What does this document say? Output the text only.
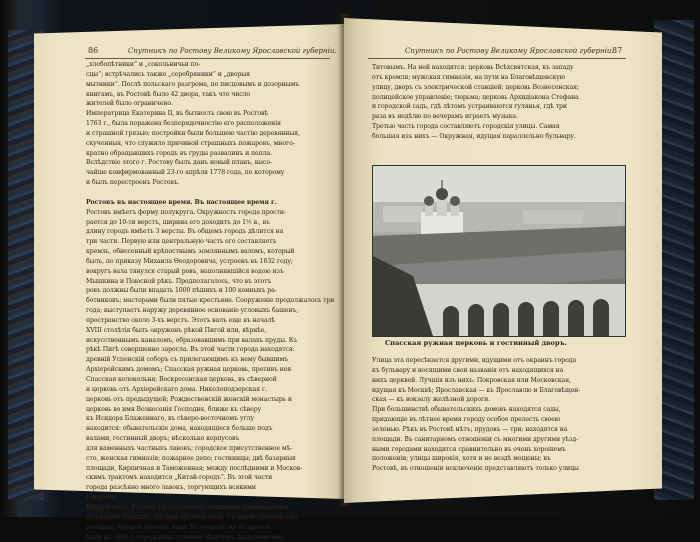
86	Спутникъ по Ростову Великому Ярославской губерніи.
„хлебопѣтники“ и „сокольничьи по-
сцы“; встрѣчались также „серебряники“ и „дворыя
мытники“. Послѣ польскаго разгрома, по писцовымъ и дозорнымъ
книгамъ, въ Ростовѣ было 42 двора, такъ что число
жителей было ограничено.
Императрица Екатерина II, въ бытность свою въ Ростовѣ
1763 г., была поражена безпорядочностію его расположенія
и страшной грязью; постройки были большею частію деревянныя,
скученныя, что служило причиной страшныхъ пожаровъ, много-
кратно обращавшихъ городъ въ груды развалинъ и пепла.
Вслѣдствіе этого г. Ростову былъ данъ новый планъ, высо-
чайше конфирмованный 23-го апрѣля 1778 года, по которому
и былъ перестроенъ Ростовъ.
Ростовъ въ настоящее время. Въ настоящее время г.
Ростовъ имѣетъ форму полукруга. Окружность города прости-
рается до 10-ти верстъ, ширина его доходитъ до 1½ в., въ
длину городъ имѣетъ 3 версты. Въ общемъ городъ дѣлится на
три части. Первую или центральную часть его составляетъ
кремль, обнесенный крѣпостнымъ земляннымъ валомъ, который
былъ, по приказу Михаила Ѳеодоровича, устроенъ въ 1632 году;
вокругъ вала тянулся старый ровъ, наполнявшійся водою изъ
Мышкина и Поюсной рѣкъ. Предполагалось, что въ этотъ
ровъ должны были впадать 1000 пѣшихъ и 100 конныхъ ра-
ботниковъ; мастерами были пятые крестьяне. Сооруженіе продолжалось три
года; выступаетъ наружу деревянное основаніе угловыхъ башенъ,
пространство около 3-хъ верстъ. Этотъ валъ еще въ началѣ
XVIII столѣтія былъ окруженъ рѣкой Пигой или, вѣрнѣе,
искусственнымъ каналомъ, образовавшимъ при валахъ пруды. Къ
рѣкѣ Пигѣ совершенно заросла. Въ этой части города находятся:
древній Успенскій соборъ съ прилегающимъ къ нему бывшимъ
Архіерейскимъ домомъ; Спасская ружная церковь, противъ нея
Спасская колокольня; Воскресенская церковь, въ сѣверной
и церковь отъ Архіерейскаго дома. Николоподзерская г.
церковь отъ предыдущей; Рождественскій женскій монастырь и
церковь во имя Вознесенія Господня, ближе къ сѣверу
къ Исидора Блаженнаго, въ сѣверо-восточномъ углу
находится: обывательскіе дома, находящіеся больше подъ
валами, гостинный дворъ; нѣсколько корпусовъ
для каменныхъ частныхъ лавокъ; городское присутственное мѣ-
сто, женская гимназія; пожарное депо; гостиницы; двѣ базарныя
площади, Кирпичная и Таможенная; между послѣдними и Москов-
скимъ трактомъ находится „Китай-городъ“. Въ этой части
города разсѣяно много лавокъ, торгующихъ всякими
товарами.
Вторую часть Ростова представляетъ обширная примыкающая
къ кремлю площадь, идущая кругомъ вала. Съ одной стороны она
площадь, идущая кругомъ вала. Въ сторонѣ же къ другой
было въ 1860 г. городскимъ головою Ипатіемъ Андреевичемъ
Спутникъ по Ростову Великому Ярославской губерніи.
87
Титовымъ. На ней находятся: церковь Всѣхсвятская, къ западу
отъ кремля; мужская гимназія, на пути на Благовѣщенскую
улицу, дворъ съ электрической станціей; церковь Вознесенская;
полицейское управленіе; тюрьма; церковь Архидіакона Стефана
и городской садъ, гдѣ лѣтомъ устраиваются гулянья, гдѣ три
раза въ недѣлю по вечерамъ играетъ музыка.
Третью часть города составляютъ городскія улицы. Самая
большая изъ нихъ — Окружная, идущая параллельно бульвару.
Спасская ружная церковь и гостинный дворъ.
Улица эта пересѣкается другими, идущими отъ окраинъ города
къ бульвару и носящими свои названія отъ находящихся на
нихъ церквей. Лучшія изъ нихъ: Покровская или Московская,
идущая къ Москвѣ; Ярославская — къ Ярославлю и Благовѣщен-
ская — къ вокзалу желѣзной дороги.
При большинствѣ обывательскихъ домовъ находятся сады,
придающіе въ лѣтнее время городу особое прелесть своею
зеленью. Рѣкъ въ Ростовѣ нѣтъ; прудовъ — три; находятся на
площади. Въ санитарномъ отношеніи съ многими другими уѣзд-
ными городами находится сравнительно въ очень хорошемъ
положеніи; улицы широкія, хотя и не вездѣ мощены; въ
Ростовѣ, въ отношеніи исключеніе представляютъ только улицы
